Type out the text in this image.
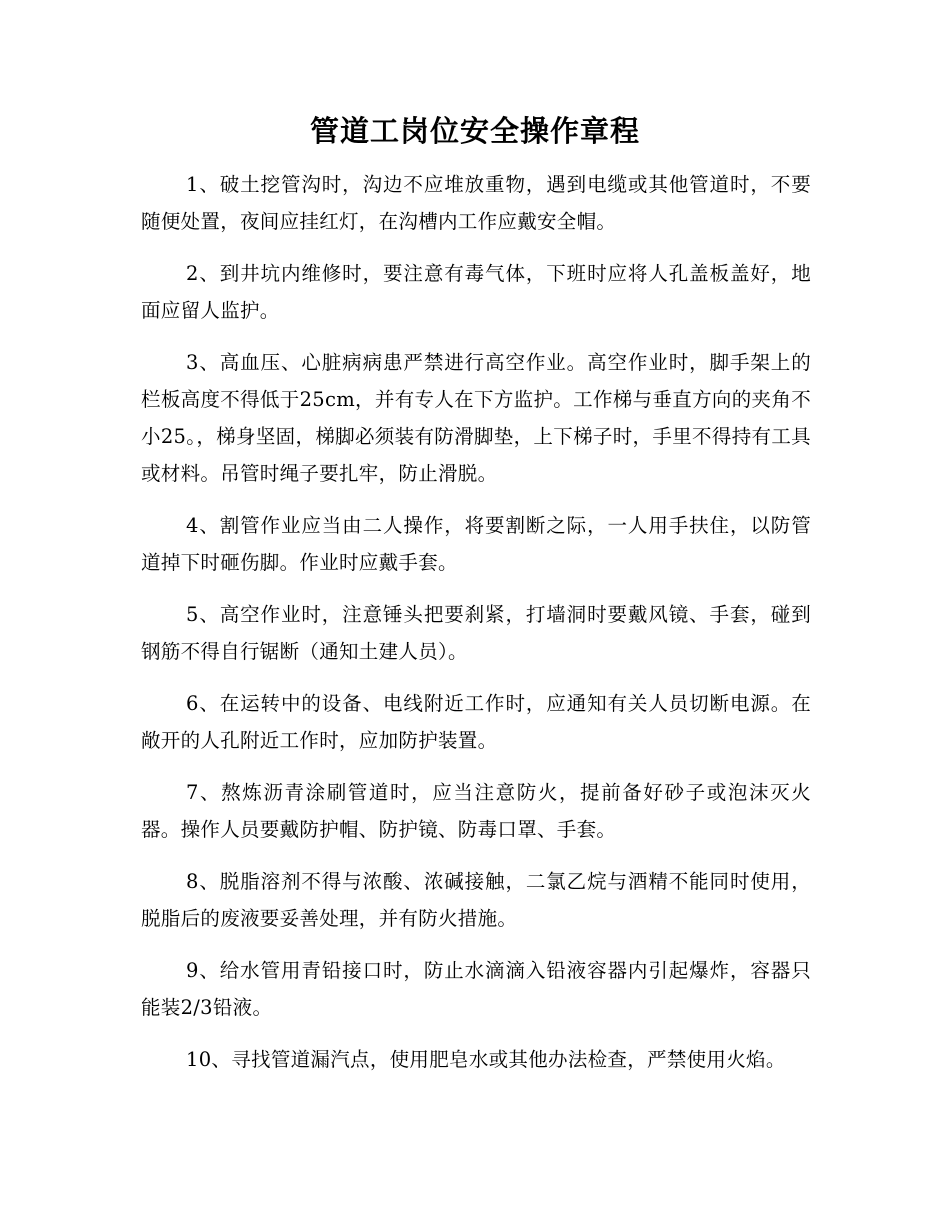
管道工岗位安全操作章程

1、破土挖管沟时，沟边不应堆放重物，遇到电缆或其他管道时，不要随便处置，夜间应挂红灯，在沟槽内工作应戴安全帽。

2、到井坑内维修时，要注意有毒气体，下班时应将人孔盖板盖好，地面应留人监护。

3、高血压、心脏病病患严禁进行高空作业。高空作业时，脚手架上的栏板高度不得低于25cm，并有专人在下方监护。工作梯与垂直方向的夹角不小25。，梯身坚固，梯脚必须装有防滑脚垫，上下梯子时，手里不得持有工具或材料。吊管时绳子要扎牢，防止滑脱。

4、割管作业应当由二人操作，将要割断之际，一人用手扶住，以防管道掉下时砸伤脚。作业时应戴手套。

5、高空作业时，注意锤头把要刹紧，打墙洞时要戴风镜、手套，碰到钢筋不得自行锯断（通知土建人员）。

6、在运转中的设备、电线附近工作时，应通知有关人员切断电源。在敞开的人孔附近工作时，应加防护装置。

7、熬炼沥青涂刷管道时，应当注意防火，提前备好砂子或泡沫灭火器。操作人员要戴防护帽、防护镜、防毒口罩、手套。

8、脱脂溶剂不得与浓酸、浓碱接触，二氯乙烷与酒精不能同时使用，脱脂后的废液要妥善处理，并有防火措施。

9、给水管用青铅接口时，防止水滴滴入铅液容器内引起爆炸，容器只能装2/3铅液。

10、寻找管道漏汽点，使用肥皂水或其他办法检查，严禁使用火焰。
